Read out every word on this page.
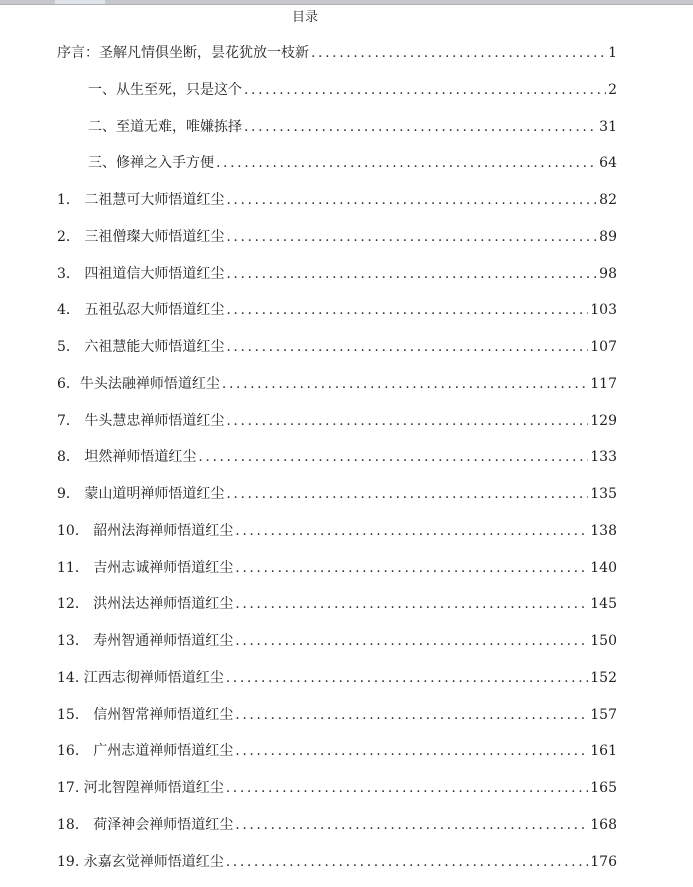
目录
序言：圣解凡情俱坐断，昙花犹放一枝新 .....	1
一、从生至死，只是这个 .....	2
二、至道无难，唯嫌拣择 .....	31
三、修禅之入手方便 .....	64
1． 二祖慧可大师悟道红尘 .....	82
2． 三祖僧璨大师悟道红尘 .....	89
3． 四祖道信大师悟道红尘 .....	98
4． 五祖弘忍大师悟道红尘 .....	103
5． 六祖慧能大师悟道红尘 .....	107
6．牛头法融禅师悟道红尘 .....	117
7． 牛头慧忠禅师悟道红尘 .....	129
8． 坦然禅师悟道红尘 .....	133
9． 蒙山道明禅师悟道红尘 .....	135
10． 韶州法海禅师悟道红尘 .....	138
11． 吉州志诚禅师悟道红尘 .....	140
12． 洪州法达禅师悟道红尘 .....	145
13． 寿州智通禅师悟道红尘 .....	150
14. 江西志彻禅师悟道红尘 .....	152
15． 信州智常禅师悟道红尘 .....	157
16． 广州志道禅师悟道红尘 .....	161
17. 河北智隍禅师悟道红尘 .....	165
18． 荷泽神会禅师悟道红尘 .....	168
19. 永嘉玄觉禅师悟道红尘 .....	176
